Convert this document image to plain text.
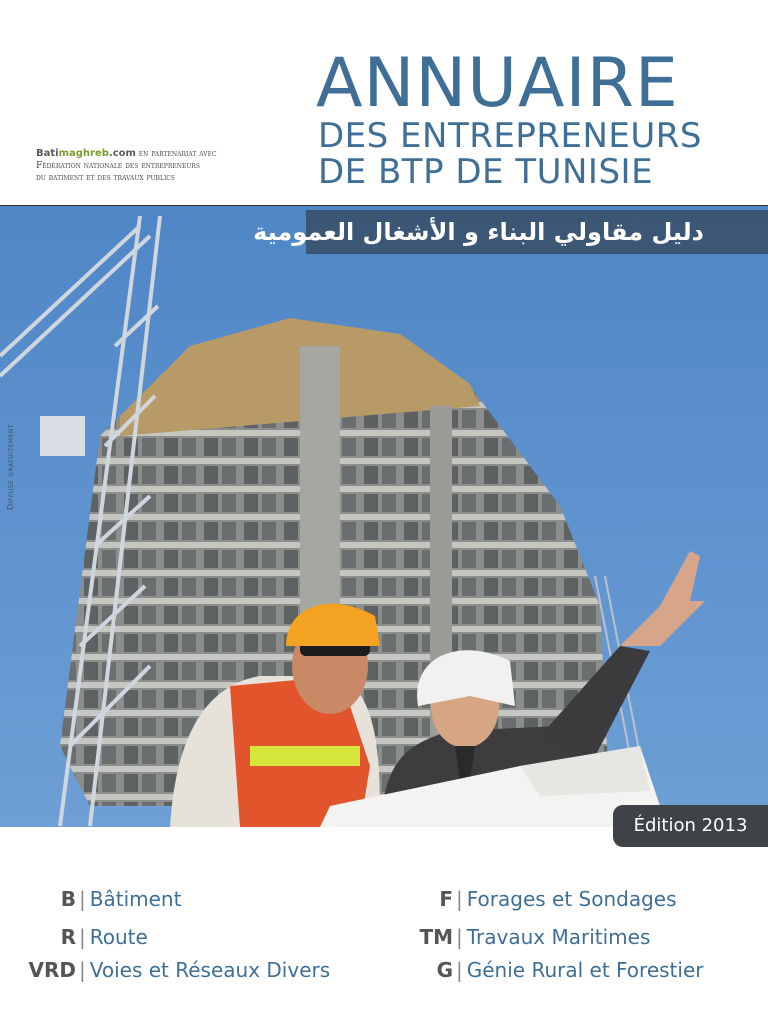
ANNUAIRE
DES ENTREPRENEURS
DE BTP DE TUNISIE
Batimaghreb.com en partenariat avec
Fédération nationale des entrepreneurs
du batiment et des travaux publics
دليل مقاولي البناء و الأشغال العمومية
Diffusé gratuitement
Édition 2013
B | Bâtiment
R | Route
VRD | Voies et Réseaux Divers
F | Forages et Sondages
TM | Travaux Maritimes
G | Génie Rural et Forestier
